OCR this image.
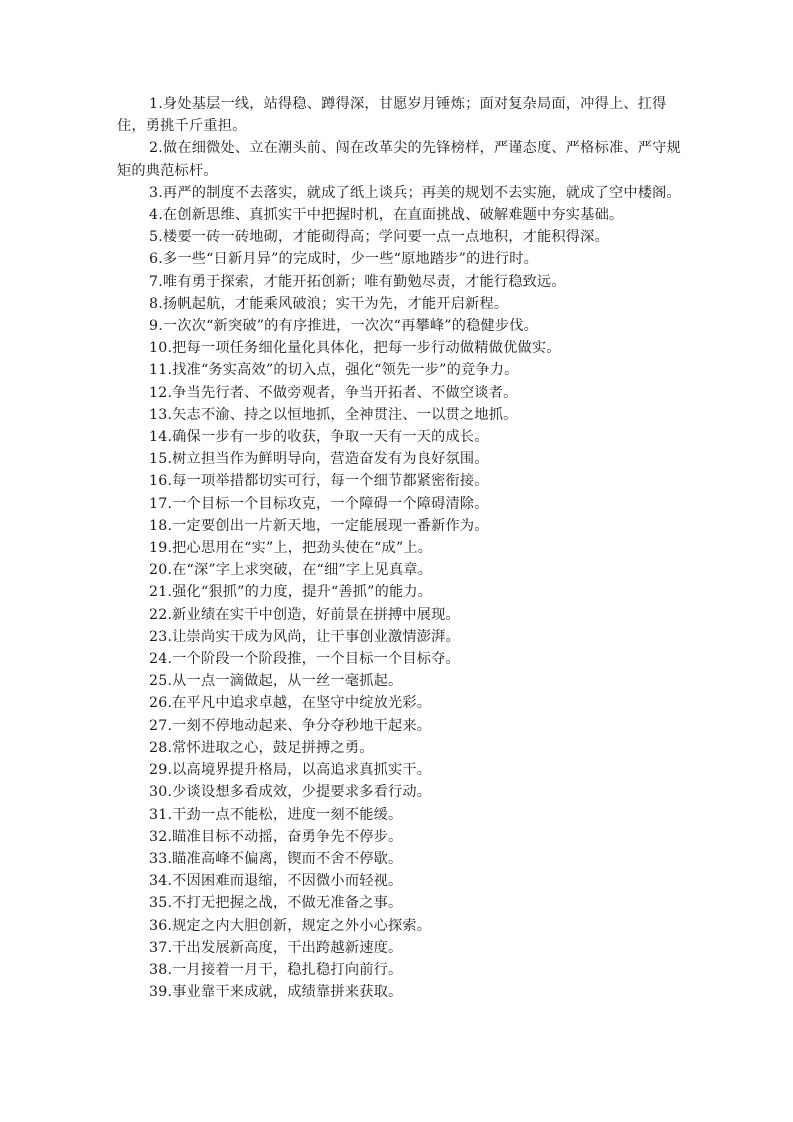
1.身处基层一线，站得稳、蹲得深，甘愿岁月锤炼；面对复杂局面，冲得上、扛得住，勇挑千斤重担。

2.做在细微处、立在潮头前、闯在改革尖的先锋榜样，严谨态度、严格标准、严守规矩的典范标杆。

3.再严的制度不去落实，就成了纸上谈兵；再美的规划不去实施，就成了空中楼阁。

4.在创新思维、真抓实干中把握时机，在直面挑战、破解难题中夯实基础。

5.楼要一砖一砖地砌，才能砌得高；学问要一点一点地积，才能积得深。

6.多一些“日新月异”的完成时，少一些“原地踏步”的进行时。

7.唯有勇于探索，才能开拓创新；唯有勤勉尽责，才能行稳致远。

8.扬帆起航，才能乘风破浪；实干为先，才能开启新程。

9.一次次“新突破”的有序推进，一次次“再攀峰”的稳健步伐。

10.把每一项任务细化量化具体化，把每一步行动做精做优做实。

11.找准“务实高效”的切入点，强化“领先一步”的竞争力。

12.争当先行者、不做旁观者，争当开拓者、不做空谈者。

13.矢志不渝、持之以恒地抓，全神贯注、一以贯之地抓。

14.确保一步有一步的收获，争取一天有一天的成长。

15.树立担当作为鲜明导向，营造奋发有为良好氛围。

16.每一项举措都切实可行，每一个细节都紧密衔接。

17.一个目标一个目标攻克，一个障碍一个障碍清除。

18.一定要创出一片新天地，一定能展现一番新作为。

19.把心思用在“实”上，把劲头使在“成”上。

20.在“深”字上求突破，在“细”字上见真章。

21.强化“狠抓”的力度，提升“善抓”的能力。

22.新业绩在实干中创造，好前景在拼搏中展现。

23.让崇尚实干成为风尚，让干事创业激情澎湃。

24.一个阶段一个阶段推，一个目标一个目标夺。

25.从一点一滴做起，从一丝一毫抓起。

26.在平凡中追求卓越，在坚守中绽放光彩。

27.一刻不停地动起来、争分夺秒地干起来。

28.常怀进取之心，鼓足拼搏之勇。

29.以高境界提升格局，以高追求真抓实干。

30.少谈设想多看成效，少提要求多看行动。

31.干劲一点不能松，进度一刻不能缓。

32.瞄准目标不动摇，奋勇争先不停步。

33.瞄准高峰不偏离，锲而不舍不停歇。

34.不因困难而退缩，不因微小而轻视。

35.不打无把握之战，不做无准备之事。

36.规定之内大胆创新，规定之外小心探索。

37.干出发展新高度，干出跨越新速度。

38.一月接着一月干，稳扎稳打向前行。

39.事业靠干来成就，成绩靠拼来获取。
